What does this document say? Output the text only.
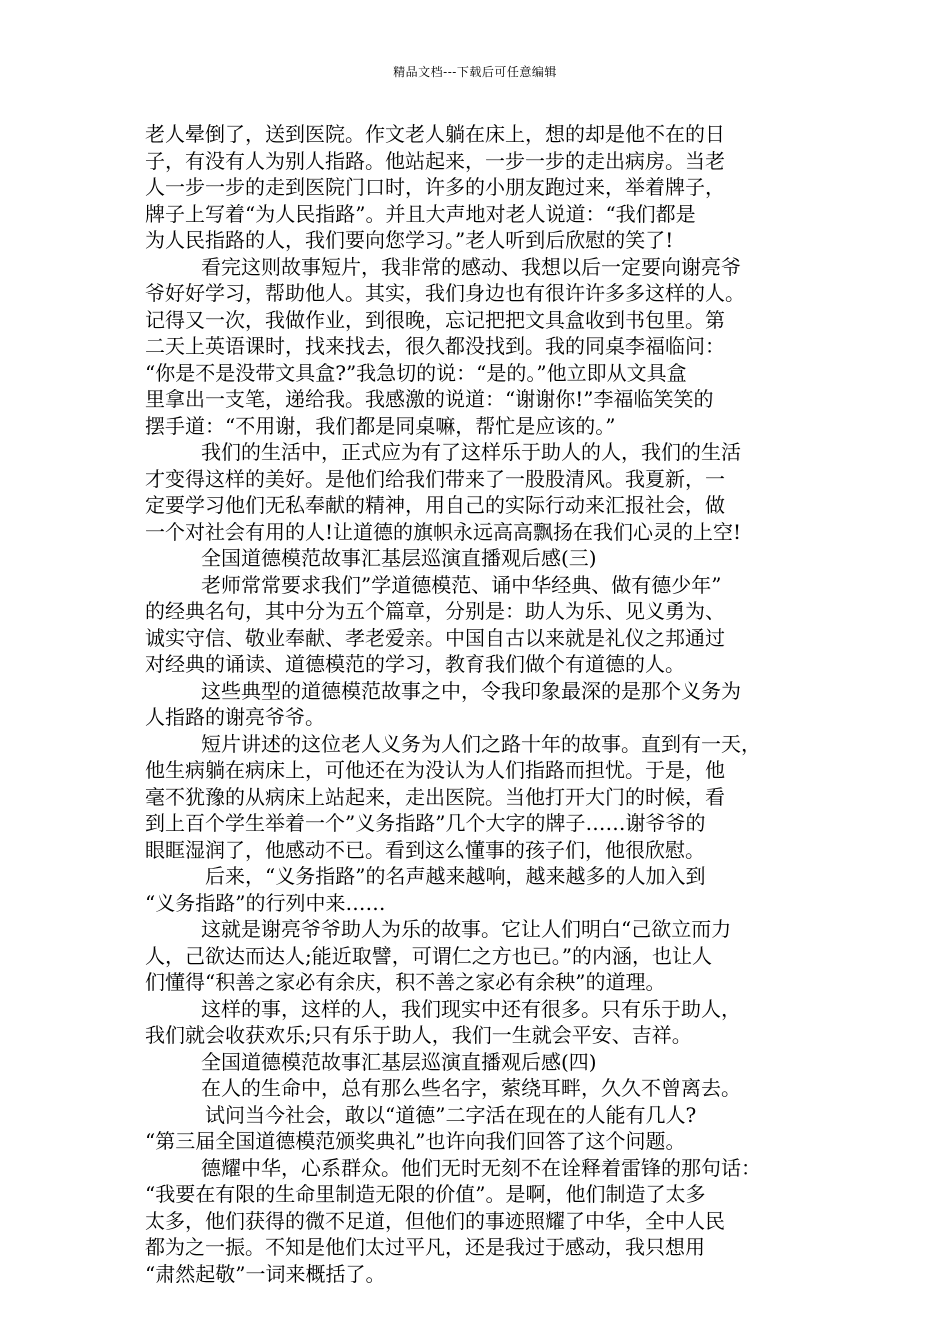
精品文档---下载后可任意编辑

老人晕倒了，送到医院。作文老人躺在床上，想的却是他不在的日
子，有没有人为别人指路。他站起来，一步一步的走出病房。当老
人一步一步的走到医院门口时，许多的小朋友跑过来，举着牌子，
牌子上写着“为人民指路”。并且大声地对老人说道：“我们都是
为人民指路的人，我们要向您学习。”老人听到后欣慰的笑了!

看完这则故事短片，我非常的感动、我想以后一定要向谢亮爷
爷好好学习，帮助他人。其实，我们身边也有很许许多多这样的人。
记得又一次，我做作业，到很晚，忘记把把文具盒收到书包里。第
二天上英语课时，找来找去，很久都没找到。我的同桌李福临问：
“你是不是没带文具盒?”我急切的说：“是的。”他立即从文具盒
里拿出一支笔，递给我。我感激的说道：“谢谢你!”李福临笑笑的
摆手道：“不用谢，我们都是同桌嘛，帮忙是应该的。”

我们的生活中，正式应为有了这样乐于助人的人，我们的生活
才变得这样的美好。是他们给我们带来了一股股清风。我夏新，一
定要学习他们无私奉献的精神，用自己的实际行动来汇报社会，做
一个对社会有用的人!让道德的旗帜永远高高飘扬在我们心灵的上空!

全国道德模范故事汇基层巡演直播观后感(三)

老师常常要求我们”学道德模范、诵中华经典、做有德少年”
的经典名句，其中分为五个篇章，分别是：助人为乐、见义勇为、
诚实守信、敬业奉献、孝老爱亲。中国自古以来就是礼仪之邦通过
对经典的诵读、道德模范的学习，教育我们做个有道德的人。

这些典型的道德模范故事之中，令我印象最深的是那个义务为
人指路的谢亮爷爷。

短片讲述的这位老人义务为人们之路十年的故事。直到有一天，
他生病躺在病床上，可他还在为没认为人们指路而担忧。于是，他
毫不犹豫的从病床上站起来，走出医院。当他打开大门的时候，看
到上百个学生举着一个”义务指路”几个大字的牌子……谢爷爷的
眼眶湿润了，他感动不已。看到这么懂事的孩子们，他很欣慰。

后来，“义务指路”的名声越来越响，越来越多的人加入到
“义务指路”的行列中来……

这就是谢亮爷爷助人为乐的故事。它让人们明白“己欲立而力
人，己欲达而达人;能近取譬，可谓仁之方也已。”的内涵，也让人
们懂得“积善之家必有余庆，积不善之家必有余秧”的道理。

这样的事，这样的人，我们现实中还有很多。只有乐于助人，
我们就会收获欢乐;只有乐于助人，我们一生就会平安、吉祥。

全国道德模范故事汇基层巡演直播观后感(四)

在人的生命中，总有那么些名字，萦绕耳畔，久久不曾离去。

试问当今社会，敢以“道德”二字活在现在的人能有几人?
“第三届全国道德模范颁奖典礼”也许向我们回答了这个问题。

德耀中华，心系群众。他们无时无刻不在诠释着雷锋的那句话：
“我要在有限的生命里制造无限的价值”。是啊，他们制造了太多
太多，他们获得的微不足道，但他们的事迹照耀了中华，全中人民
都为之一振。不知是他们太过平凡，还是我过于感动，我只想用
“肃然起敬”一词来概括了。
